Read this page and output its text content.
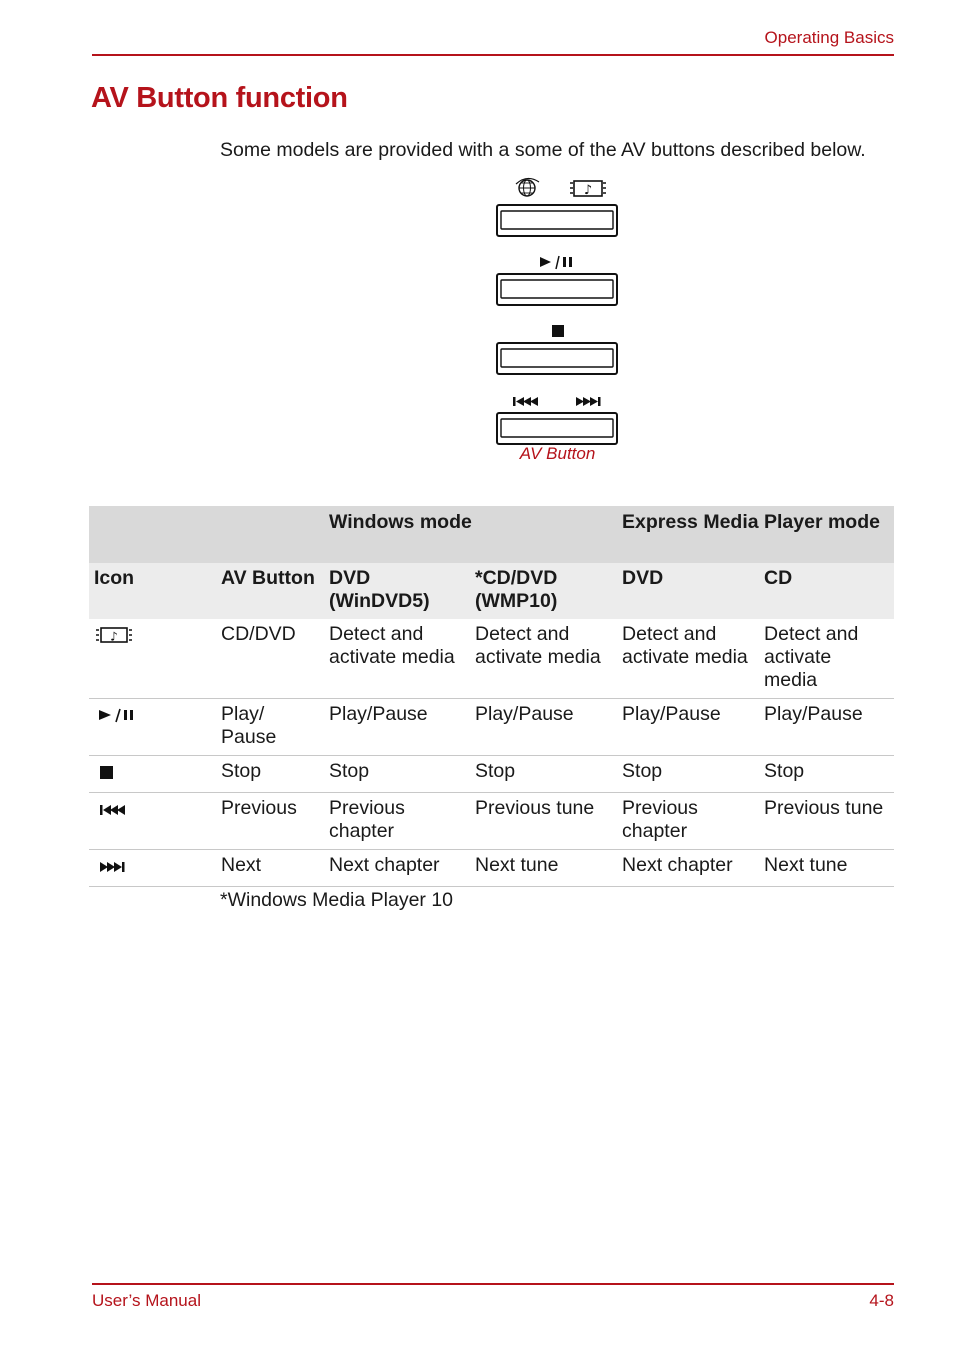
Operating Basics
AV Button function
Some models are provided with a some of the AV buttons described below.
♪
AV Button
		Windows mode		Express Media Player mode	
Icon	AV Button	DVD (WinDVD5)	*CD/DVD (WMP10)	DVD	CD

♪	CD/DVD	Detect and activate media	Detect and activate media	Detect and activate media	Detect and activate media
	Play/ Pause	Play/Pause	Play/Pause	Play/Pause	Play/Pause
	Stop	Stop	Stop	Stop	Stop
	Previous	Previous chapter	Previous tune	Previous chapter	Previous tune
	Next	Next chapter	Next tune	Next chapter	Next tune
*Windows Media Player 10
User’s Manual	4-8
